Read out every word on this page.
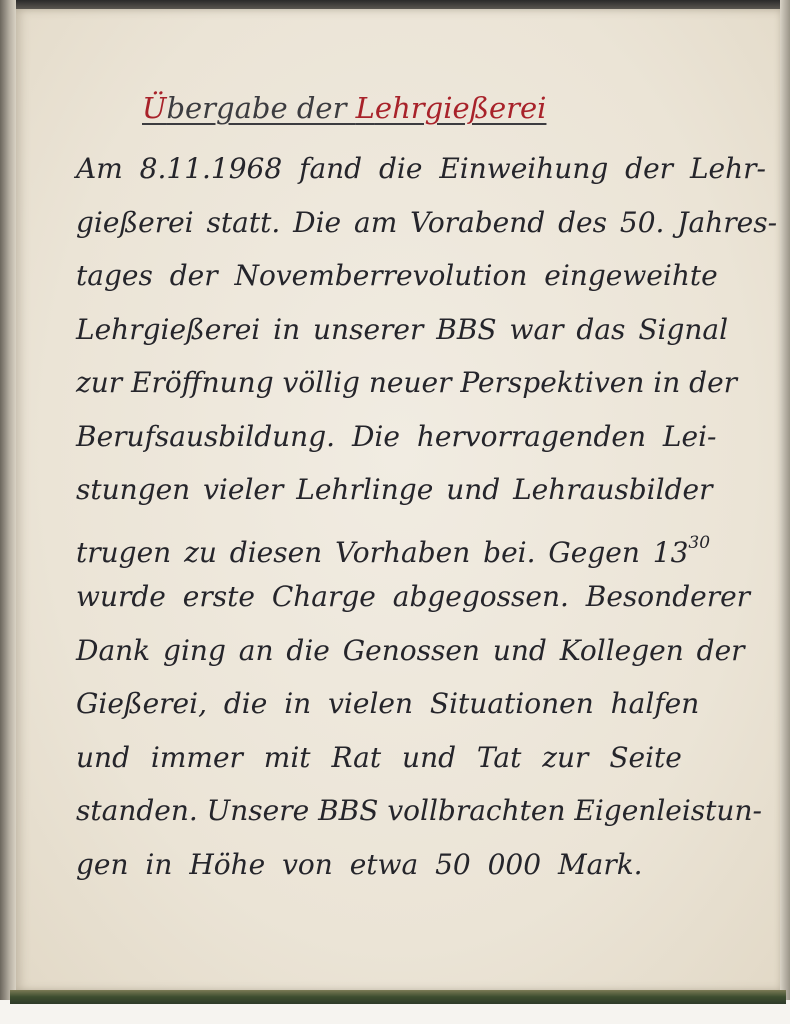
Übergabe der Lehrgießerei
Am 8.11.1968 fand die Einweihung der Lehr-
gießerei statt. Die am Vorabend des 50. Jahres-
tages der Novemberrevolution eingeweihte
Lehrgießerei in unserer BBS war das Signal
zur Eröffnung völlig neuer Perspektiven in der
Berufsausbildung. Die hervorragenden Lei-
stungen vieler Lehrlinge und Lehrausbilder
trugen zu diesen Vorhaben bei. Gegen $13^{30}$
wurde erste Charge abgegossen. Besonderer
Dank ging an die Genossen und Kollegen der
Gießerei, die in vielen Situationen halfen
und immer mit Rat und Tat zur Seite
standen. Unsere BBS vollbrachten Eigenleistun-
gen in Höhe von etwa 50 000 Mark.
